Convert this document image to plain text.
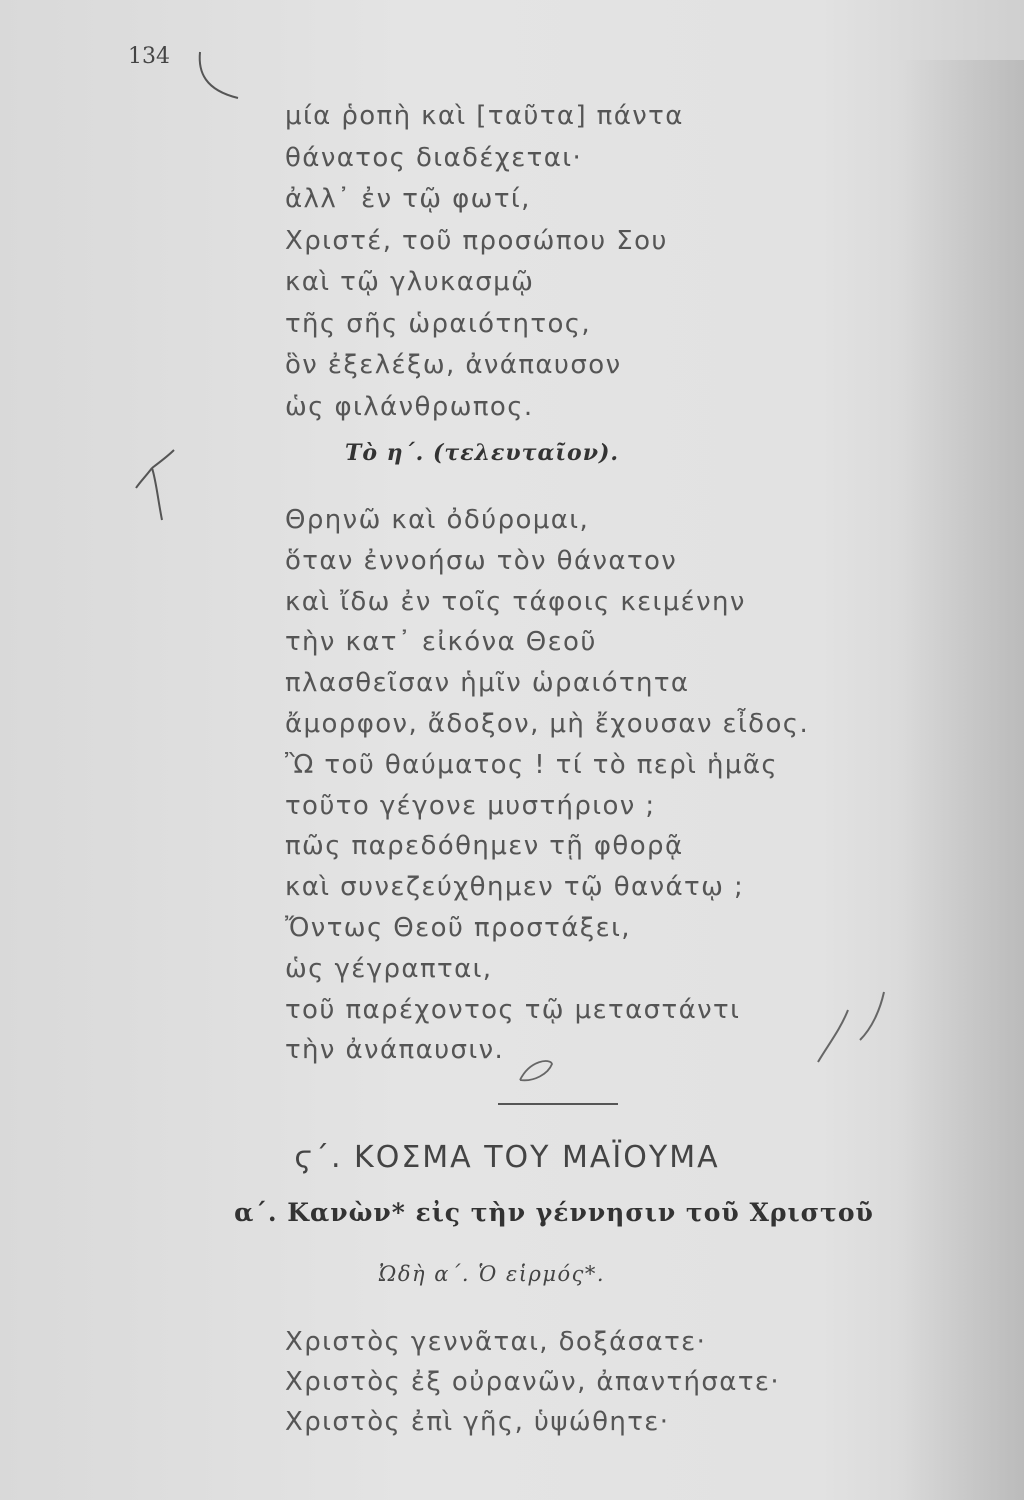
134
μία ῥοπὴ καὶ [ταῦτα] πάντα
θάνατος διαδέχεται·
ἀλλ᾽ ἐν τῷ φωτί,
Χριστέ, τοῦ προσώπου Σου
καὶ τῷ γλυκασμῷ
τῆς σῆς ὡραιότητος,
ὃν ἐξελέξω, ἀνάπαυσον
ὡς φιλάνθρωπος.
Τὸ η΄. (τελευταῖον).
Θρηνῶ καὶ ὀδύρομαι,
ὅταν ἐννοήσω τὸν θάνατον
καὶ ἴδω ἐν τοῖς τάφοις κειμένην
τὴν κατ᾽ εἰκόνα Θεοῦ
πλασθεῖσαν ἡμῖν ὡραιότητα
ἄμορφον, ἄδοξον, μὴ ἔχουσαν εἶδος.
Ὢ τοῦ θαύματος ! τί τὸ περὶ ἡμᾶς
τοῦτο γέγονε μυστήριον ;
πῶς παρεδόθημεν τῇ φθορᾷ
καὶ συνεζεύχθημεν τῷ θανάτῳ ;
Ὄντως Θεοῦ προστάξει,
ὡς γέγραπται,
τοῦ παρέχοντος τῷ μεταστάντι
τὴν ἀνάπαυσιν.
ϛ΄. ΚΟΣΜΑ ΤΟΥ ΜΑΪΟΥΜΑ
α΄. Κανὼν* εἰς τὴν γέννησιν τοῦ Χριστοῦ
Ὠδὴ α΄. Ὁ εἱρμός*.
Χριστὸς γεννᾶται, δοξάσατε·
Χριστὸς ἐξ οὐρανῶν, ἀπαντήσατε·
Χριστὸς ἐπὶ γῆς, ὑψώθητε·
